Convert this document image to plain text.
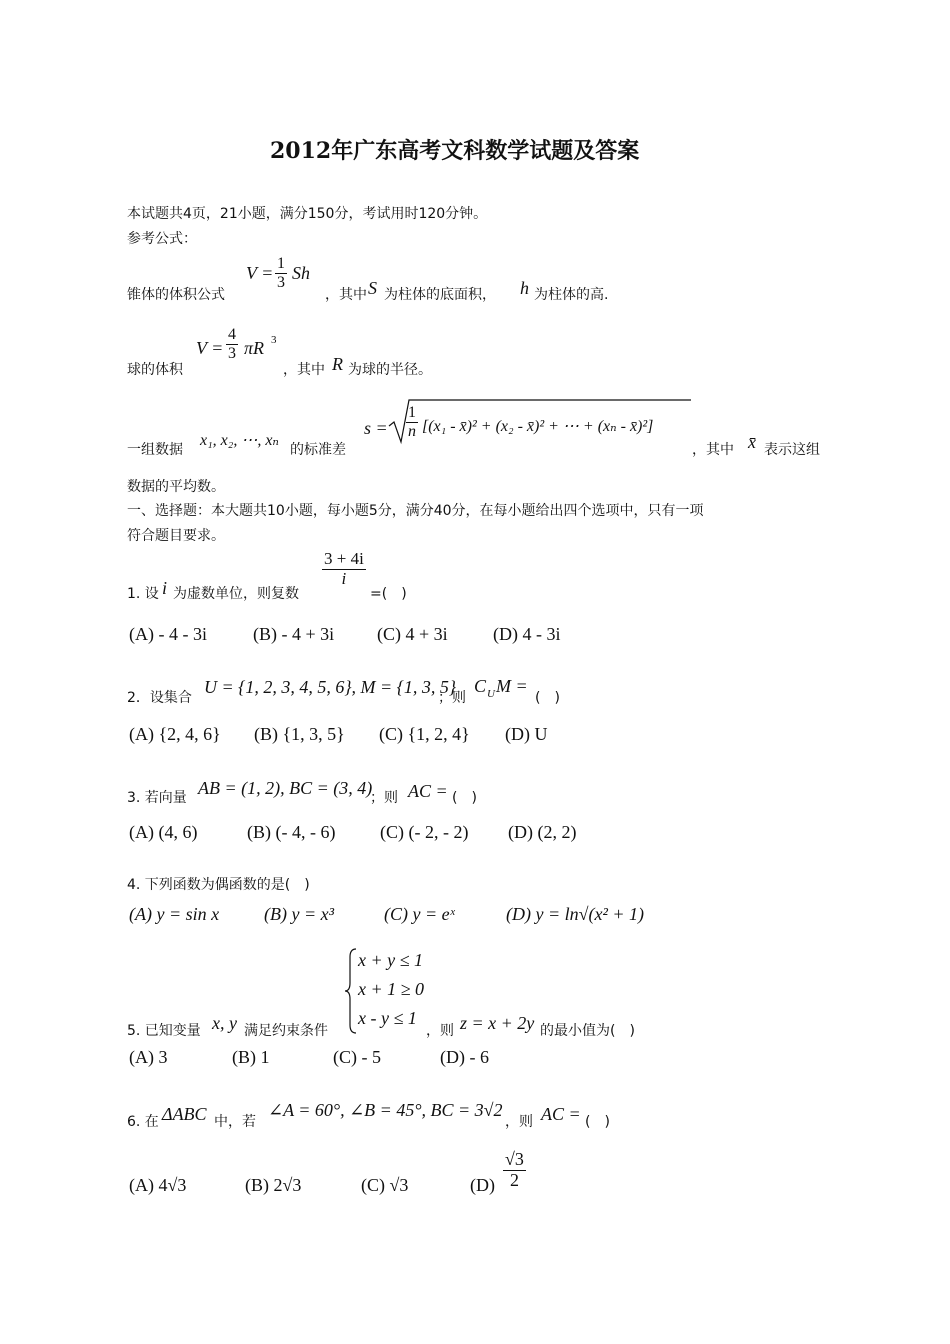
2012年广东高考文科数学试题及答案
本试题共4页，21小题，满分150分，考试用时120分钟。
参考公式：
$V = \frac{1}{3}$ Sh
锥体的体积公式	，其中 S 为柱体的底面积， h 为柱体的高.
$V = \frac{4}{3}$ πR 3
球的体积	，其中 R 为球的半径。
一组数据
x₁, x₂, ⋯, xₙ
的标准差
$s = \frac{1}{n} [(x_1$ - x̄)² + (x₂ - x̄)² + ⋯ + (xₙ - x̄)²]
，其中 x̄ 表示这组
数据的平均数。
一、选择题：本大题共10小题，每小题5分，满分40分，在每小题给出四个选项中，只有一项
符合题目要求。
$\frac{3 + 4i}{i}$
1. 设 i 为虚数单位，则复数	=(　)
(A) - 4 - 3i	(B) - 4 + 3i (C) 4 + 3i	(D) 4 - 3i
2．设集合
U = {1, 2, 3, 4, 5, 6}, M = {1, 3, 5}
；则
C U M =
(　)
(A) {2, 4, 6} (B) {1, 3, 5} (C) {1, 2, 4} (D) U
3. 若向量 AB = (1, 2), BC = (3, 4)
；则 AC = (　)
(A) (4, 6)	(B) (- 4, - 6) (C) (- 2, - 2) (D) (2, 2)
4. 下列函数为偶函数的是(　)
(A) y = sin x (B) y = x³	(C) y = eˣ	(D) y = ln√(x² + 1)
x + y ≤ 1
x + 1 ≥ 0
x - y ≤ 1
5. 已知变量 x, y 满足约束条件	，则 z = x + 2y 的最小值为(　)
(A) 3	(B) 1	(C) - 5	(D) - 6
6. 在 ΔABC 中，若
∠A = 60°, ∠B = 45°, BC = 3√2
，则 AC = (　)
(A) 4√3	(B) 2√3	(C) √3	$(D) \frac{√3}{2}$
